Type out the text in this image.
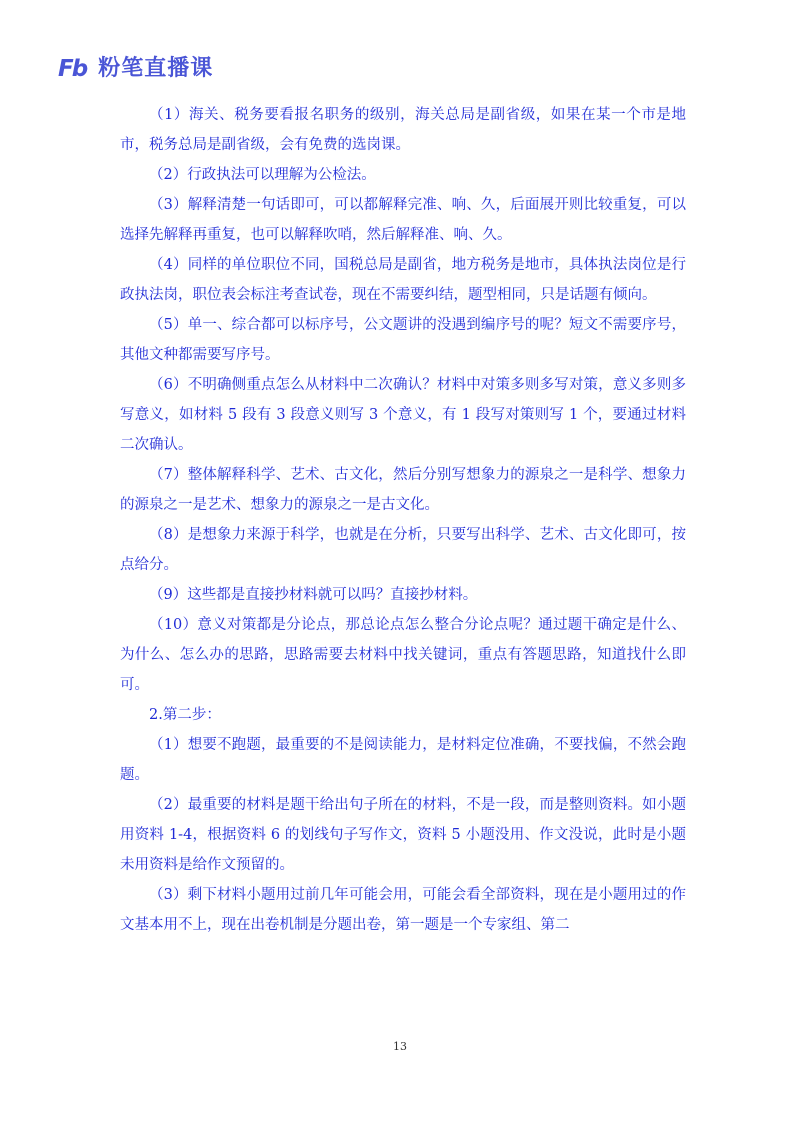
Fb 粉笔直播课

（1）海关、税务要看报名职务的级别，海关总局是副省级，如果在某一个市是地市，税务总局是副省级，会有免费的选岗课。

（2）行政执法可以理解为公检法。

（3）解释清楚一句话即可，可以都解释完准、响、久，后面展开则比较重复，可以选择先解释再重复，也可以解释吹哨，然后解释准、响、久。

（4）同样的单位职位不同，国税总局是副省，地方税务是地市，具体执法岗位是行政执法岗，职位表会标注考查试卷，现在不需要纠结，题型相同，只是话题有倾向。

（5）单一、综合都可以标序号，公文题讲的没遇到编序号的呢？短文不需要序号，其他文种都需要写序号。

（6）不明确侧重点怎么从材料中二次确认？材料中对策多则多写对策，意义多则多写意义，如材料 5 段有 3 段意义则写 3 个意义，有 1 段写对策则写 1 个，要通过材料二次确认。

（7）整体解释科学、艺术、古文化，然后分别写想象力的源泉之一是科学、想象力的源泉之一是艺术、想象力的源泉之一是古文化。

（8）是想象力来源于科学，也就是在分析，只要写出科学、艺术、古文化即可，按点给分。

（9）这些都是直接抄材料就可以吗？直接抄材料。

（10）意义对策都是分论点，那总论点怎么整合分论点呢？通过题干确定是什么、为什么、怎么办的思路，思路需要去材料中找关键词，重点有答题思路，知道找什么即可。

2.第二步：

（1）想要不跑题，最重要的不是阅读能力，是材料定位准确，不要找偏，不然会跑题。

（2）最重要的材料是题干给出句子所在的材料，不是一段，而是整则资料。如小题用资料 1-4，根据资料 6 的划线句子写作文，资料 5 小题没用、作文没说，此时是小题未用资料是给作文预留的。

（3）剩下材料小题用过前几年可能会用，可能会看全部资料，现在是小题用过的作文基本用不上，现在出卷机制是分题出卷，第一题是一个专家组、第二

13
